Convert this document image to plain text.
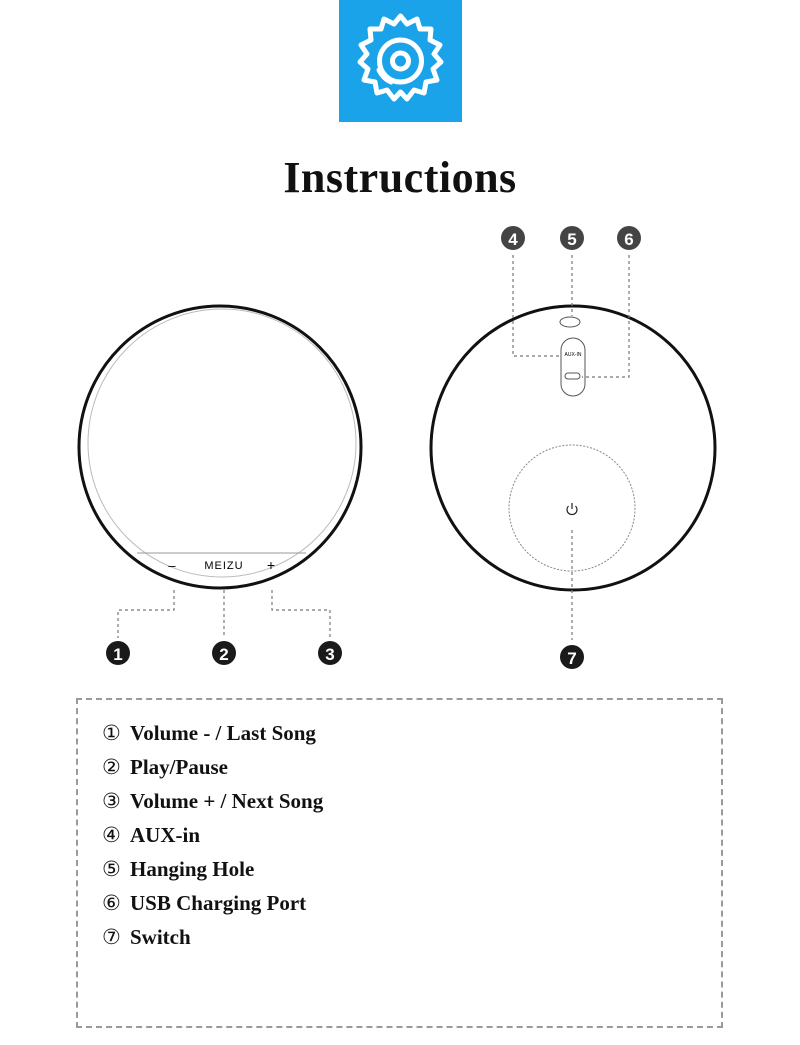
Instructions
–	MEIZU +
AUX-IN
1	2	3
4	5	6
7
① Volume - / Last Song
② Play/Pause
③ Volume + / Next Song
④ AUX-in
⑤ Hanging Hole
⑥ USB Charging Port
⑦ Switch
